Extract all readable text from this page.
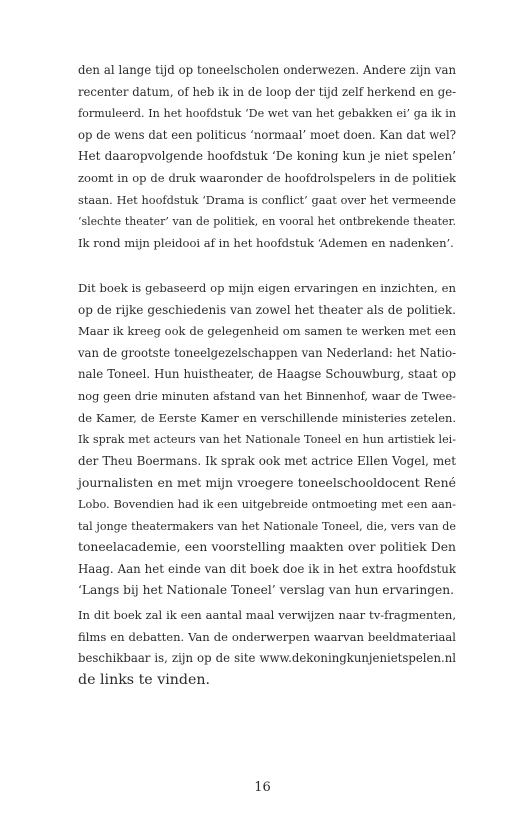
den al lange tijd op toneelscholen onderwezen. Andere zijn van
recenter datum, of heb ik in de loop der tijd zelf herkend en ge-
formuleerd. In het hoofdstuk ‘De wet van het gebakken ei’ ga ik in
op de wens dat een politicus ‘normaal’ moet doen. Kan dat wel?
Het daaropvolgende hoofdstuk ‘De koning kun je niet spelen’
zoomt in op de druk waaronder de hoofdrolspelers in de politiek
staan. Het hoofdstuk ‘Drama is conflict’ gaat over het vermeende
‘slechte theater’ van de politiek, en vooral het ontbrekende theater.
Ik rond mijn pleidooi af in het hoofdstuk ‘Ademen en nadenken’.
Dit boek is gebaseerd op mijn eigen ervaringen en inzichten, en
op de rijke geschiedenis van zowel het theater als de politiek.
Maar ik kreeg ook de gelegenheid om samen te werken met een
van de grootste toneelgezelschappen van Nederland: het Natio-
nale Toneel. Hun huistheater, de Haagse Schouwburg, staat op
nog geen drie minuten afstand van het Binnenhof, waar de Twee-
de Kamer, de Eerste Kamer en verschillende ministeries zetelen.
Ik sprak met acteurs van het Nationale Toneel en hun artistiek lei-
der Theu Boermans. Ik sprak ook met actrice Ellen Vogel, met
journalisten en met mijn vroegere toneelschooldocent René
Lobo. Bovendien had ik een uitgebreide ontmoeting met een aan-
tal jonge theatermakers van het Nationale Toneel, die, vers van de
toneelacademie, een voorstelling maakten over politiek Den
Haag. Aan het einde van dit boek doe ik in het extra hoofdstuk
‘Langs bij het Nationale Toneel’ verslag van hun ervaringen.
In dit boek zal ik een aantal maal verwijzen naar tv-fragmenten,
films en debatten. Van de onderwerpen waarvan beeldmateriaal
beschikbaar is, zijn op de site www.dekoningkunjenietspelen.nl
de links te vinden.
16
